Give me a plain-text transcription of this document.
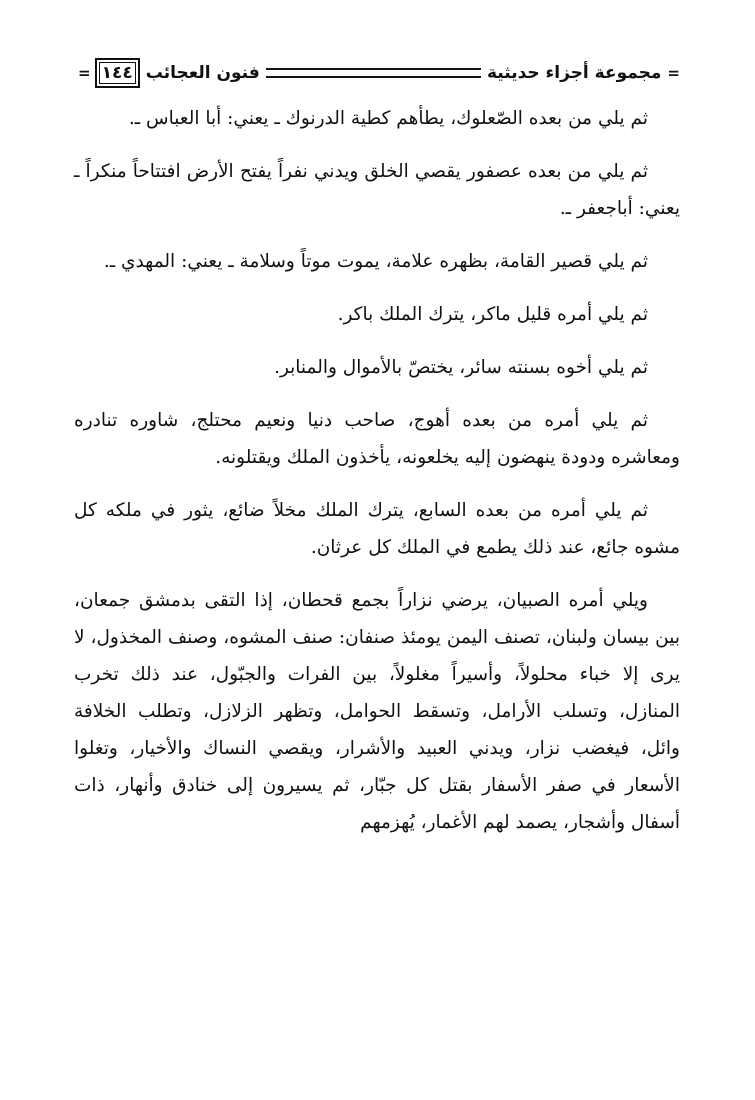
=
مجموعة أجزاء حديثية
فنون العجائب
١٤٤
=

ثم يلي من بعده الصّعلوك، يطأهم كطية الدرنوك ـ يعني: أبا العباس ـ.

ثم يلي من بعده عصفور يقصي الخلق ويدني نفراً يفتح الأرض افتتاحاً منكراً ـ يعني: أباجعفر ـ.

ثم يلي قصير القامة، بظهره علامة، يموت موتاً وسلامة ـ يعني: المهدي ـ.

ثم يلي أمره قليل ماكر، يترك الملك باكر.

ثم يلي أخوه بسنته سائر، يختصّ بالأموال والمنابر.

ثم يلي أمره من بعده أهوج، صاحب دنيا ونعيم محتلج، شاوره تنادره ومعاشره ودودة ينهضون إليه يخلعونه، يأخذون الملك ويقتلونه.

ثم يلي أمره من بعده السابع، يترك الملك مخلاً ضائع، يثور في ملكه كل مشوه جائع، عند ذلك يطمع في الملك كل عرثان.

ويلي أمره الصبيان، يرضي نزاراً بجمع قحطان، إذا التقى بدمشق جمعان، بين بيسان ولبنان، تصنف اليمن يومئذ صنفان: صنف المشوه، وصنف المخذول، لا يرى إلا خباء محلولاً، وأسيراً مغلولاً، بين الفرات والجبّول، عند ذلك تخرب المنازل، وتسلب الأرامل، وتسقط الحوامل، وتظهر الزلازل، وتطلب الخلافة وائل، فيغضب نزار، ويدني العبيد والأشرار، ويقصي النساك والأخيار، وتغلوا الأسعار في صفر الأسفار بقتل كل جبّار، ثم يسيرون إلى خنادق وأنهار، ذات أسفال وأشجار، يصمد لهم الأغمار، يُهزمهم
